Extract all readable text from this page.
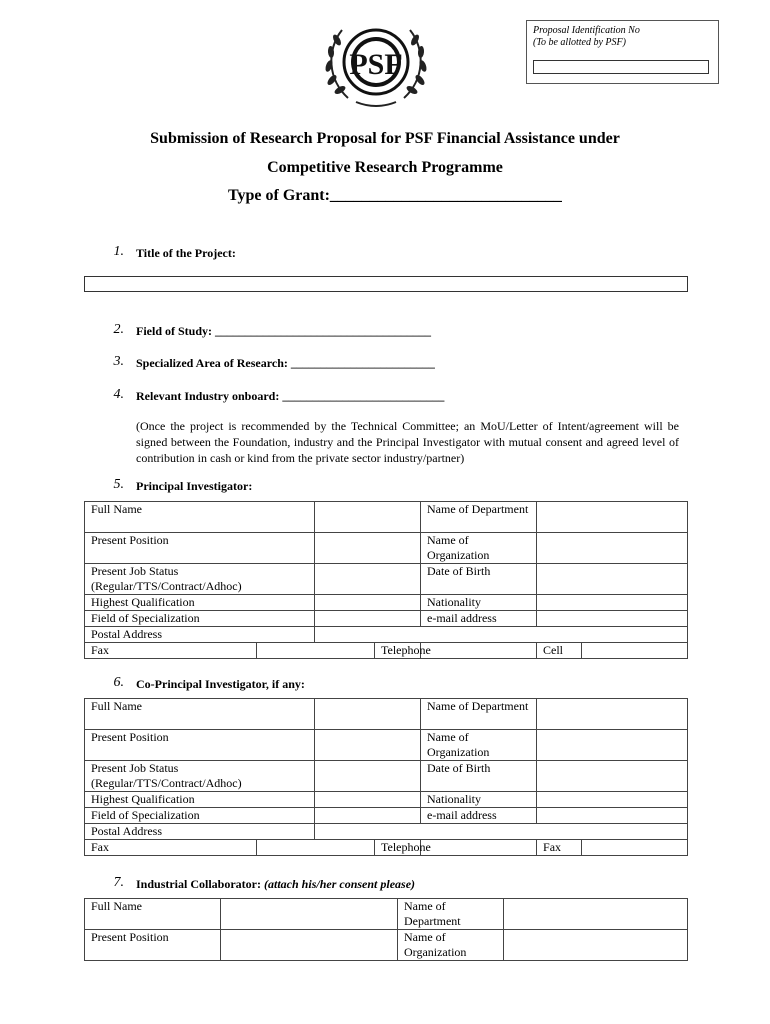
Proposal Identification No
(To be allotted by PSF)
PSF
Submission of Research Proposal for PSF Financial Assistance under
Competitive Research Programme
Type of Grant:_____________________________
1. Title of the Project:
2. Field of Study: ____________________________________
3. Specialized Area of Research: ________________________
4. Relevant Industry onboard: ___________________________
(Once the project is recommended by the Technical Committee; an MoU/Letter of Intent/agreement will be signed between the Foundation, industry and the Principal Investigator with mutual consent and agreed level of contribution in cash or kind from the private sector industry/partner)
5. Principal Investigator:
Full Name				Name of Department		
Present Position				Name of Organization		
Present Job Status (Regular/TTS/Contract/Adhoc)				Date of Birth		
Highest Qualification				Nationality		
Field of Specialization				e-mail address		
Postal Address						
Fax			Telephone		Cell	
6. Co-Principal Investigator, if any:
Full Name				Name of Department		
Present Position				Name of Organization		
Present Job Status (Regular/TTS/Contract/Adhoc)				Date of Birth		
Highest Qualification				Nationality		
Field of Specialization				e-mail address		
Postal Address						
Fax			Telephone		Fax	
7. Industrial Collaborator: (attach his/her consent please)
Full Name		Name of Department	
Present Position		Name of Organization	
